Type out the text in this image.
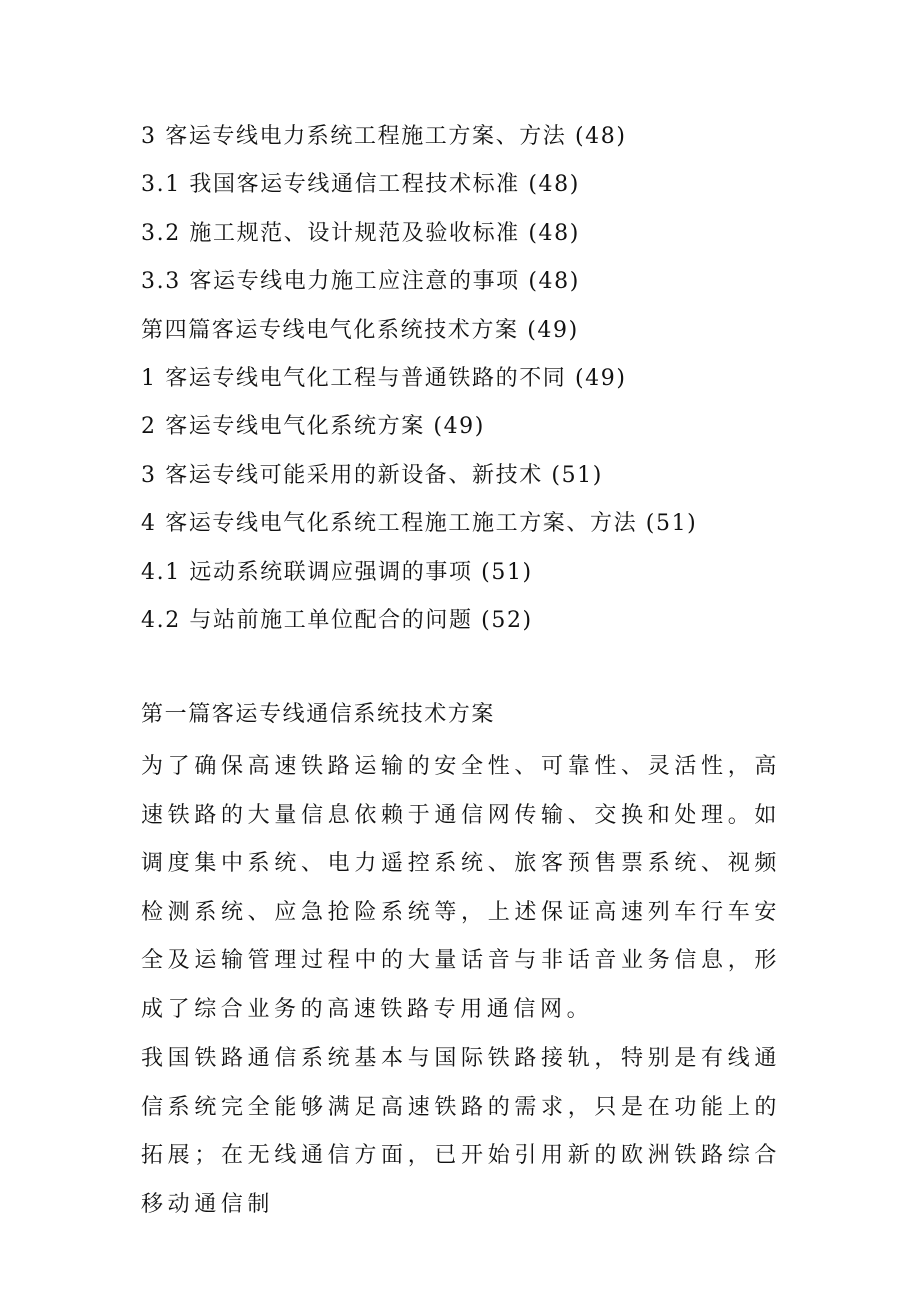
3 客运专线电力系统工程施工方案、方法 (48)
3.1 我国客运专线通信工程技术标准 (48)
3.2 施工规范、设计规范及验收标准 (48)
3.3 客运专线电力施工应注意的事项 (48)
第四篇客运专线电气化系统技术方案 (49)
1 客运专线电气化工程与普通铁路的不同 (49)
2 客运专线电气化系统方案 (49)
3 客运专线可能采用的新设备、新技术 (51)
4 客运专线电气化系统工程施工施工方案、方法 (51)
4.1 远动系统联调应强调的事项 (51)
4.2 与站前施工单位配合的问题 (52)
第一篇客运专线通信系统技术方案

为了确保高速铁路运输的安全性、可靠性、灵活性，高速铁路的大量信息依赖于通信网传输、交换和处理。如调度集中系统、电力遥控系统、旅客预售票系统、视频检测系统、应急抢险系统等，上述保证高速列车行车安全及运输管理过程中的大量话音与非话音业务信息，形成了综合业务的高速铁路专用通信网。

我国铁路通信系统基本与国际铁路接轨，特别是有线通信系统完全能够满足高速铁路的需求，只是在功能上的拓展；在无线通信方面，已开始引用新的欧洲铁路综合移动通信制
